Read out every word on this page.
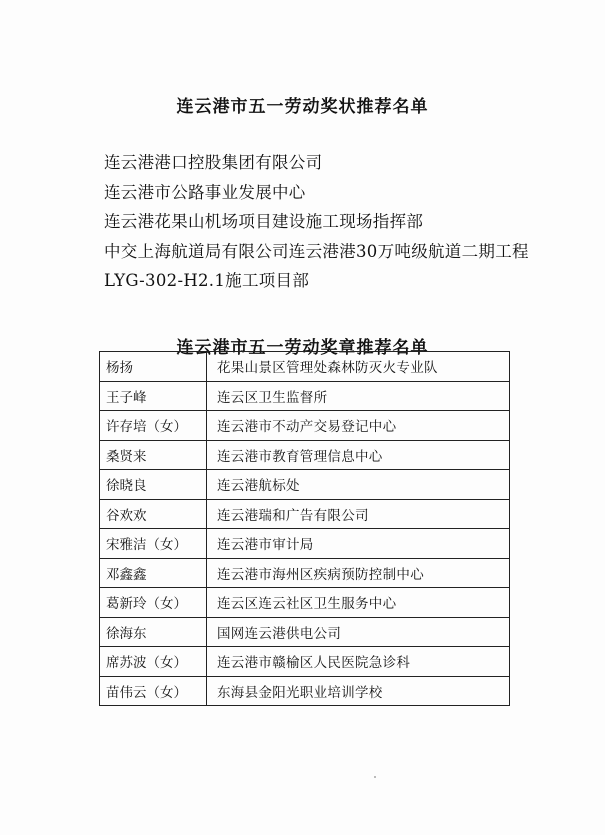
连云港市五一劳动奖状推荐名单
连云港港口控股集团有限公司
连云港市公路事业发展中心
连云港花果山机场项目建设施工现场指挥部
中交上海航道局有限公司连云港港30万吨级航道二期工程
LYG-302-H2.1施工项目部
连云港市五一劳动奖章推荐名单
杨扬	花果山景区管理处森林防灭火专业队
王子峰	连云区卫生监督所
许存培（女）	连云港市不动产交易登记中心
桑贤来	连云港市教育管理信息中心
徐晓良	连云港航标处
谷欢欢	连云港瑞和广告有限公司
宋雅洁（女）	连云港市审计局
邓鑫鑫	连云港市海州区疾病预防控制中心
葛新玲（女）	连云区连云社区卫生服务中心
徐海东	国网连云港供电公司
席苏波（女）	连云港市赣榆区人民医院急诊科
苗伟云（女）	东海县金阳光职业培训学校
